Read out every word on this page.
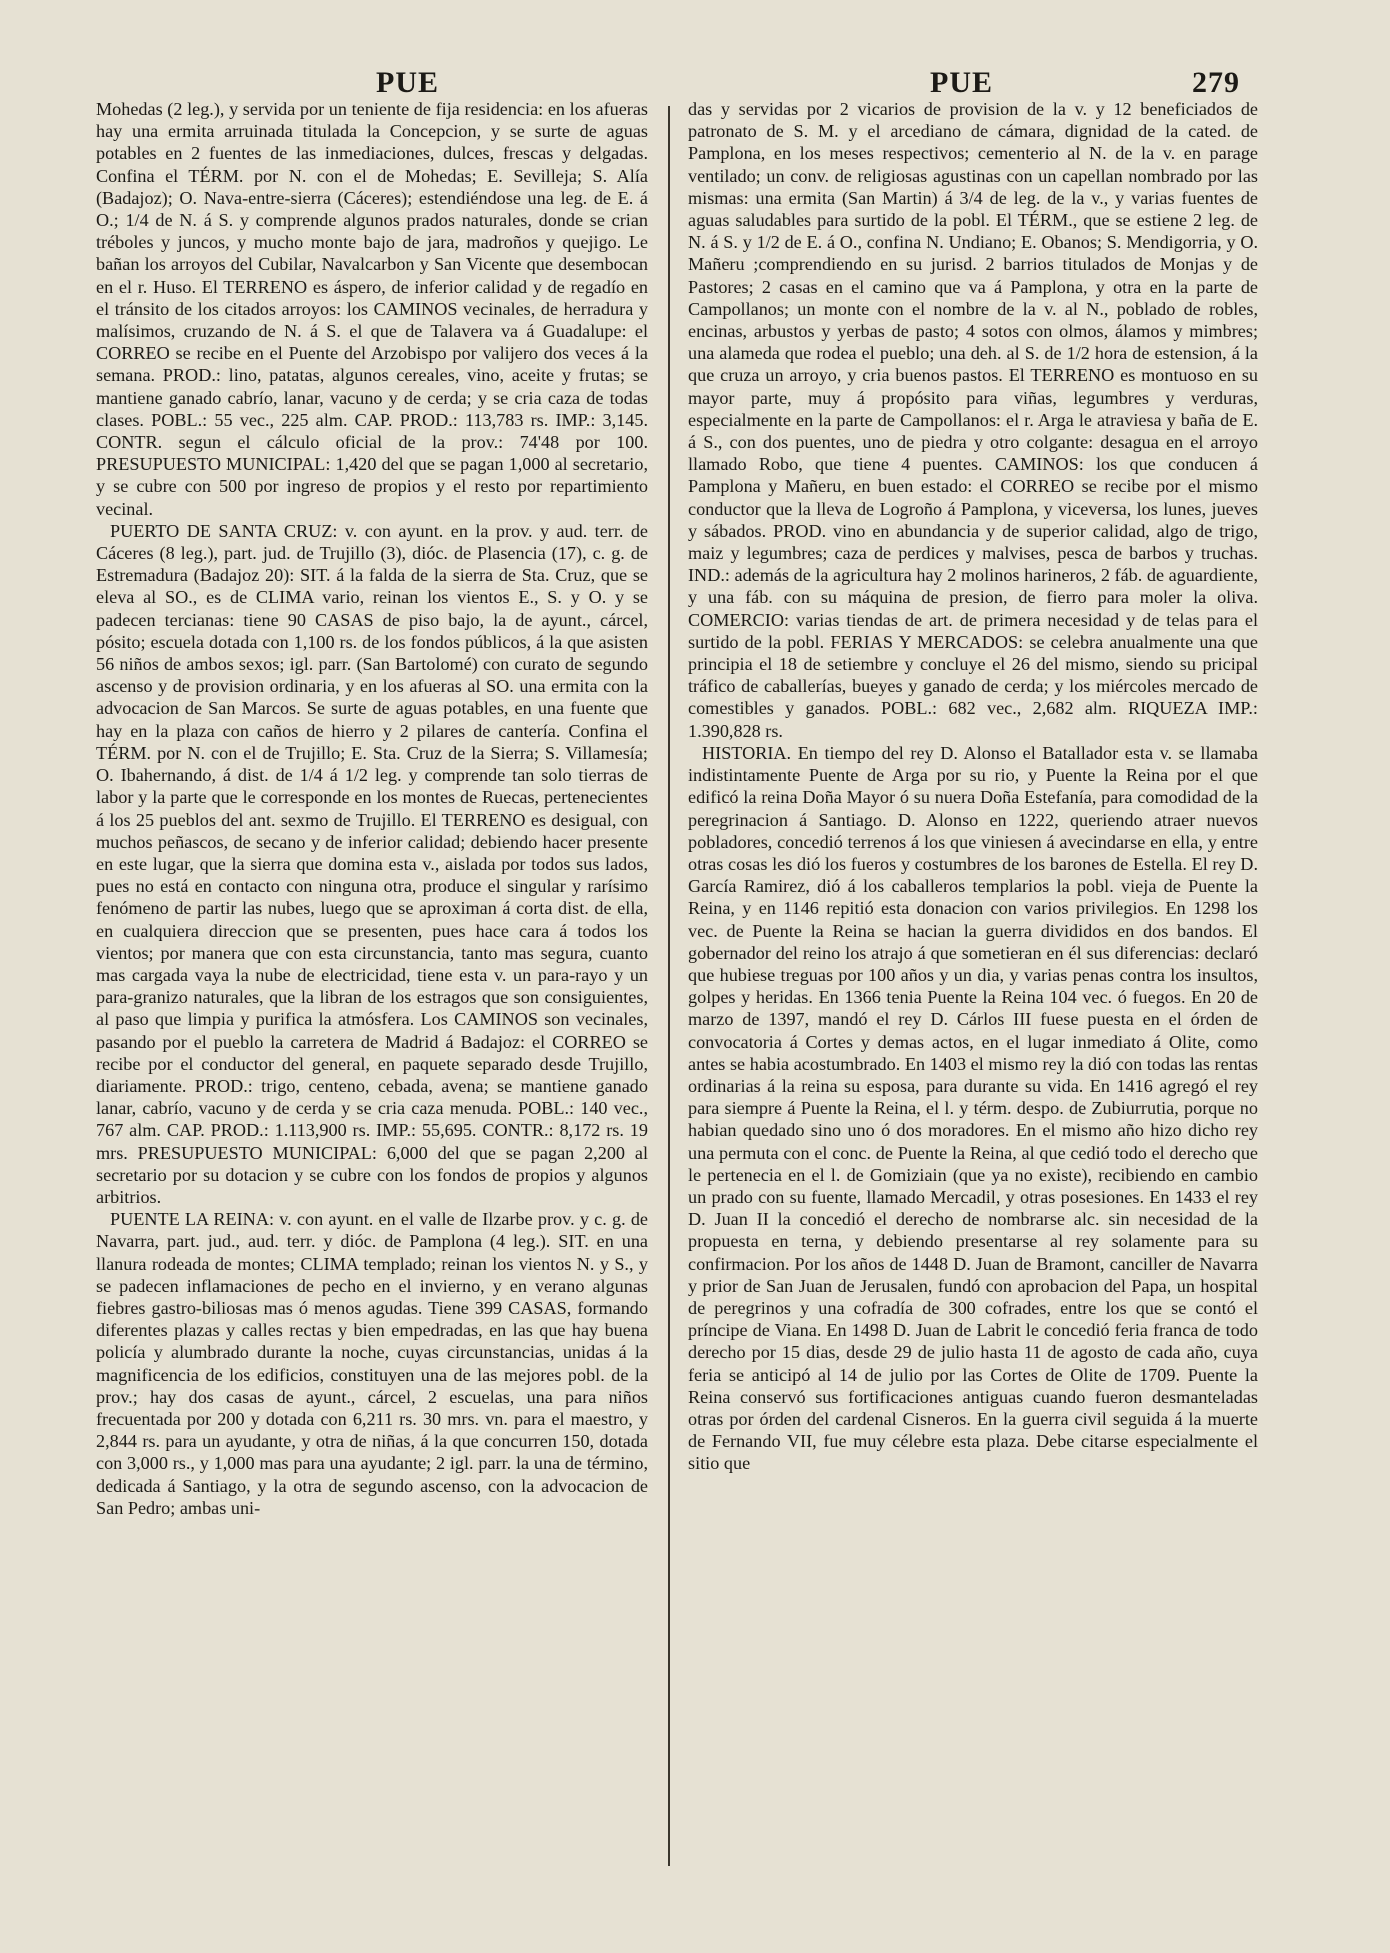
PUE	PUE	279

Mohedas (2 leg.), y servida por un teniente de fija residencia: en los afueras hay una ermita arruinada titulada la Concepcion, y se surte de aguas potables en 2 fuentes de las inmediaciones, dulces, frescas y delgadas. Confina el TÉRM. por N. con el de Mohedas; E. Sevilleja; S. Alía (Badajoz); O. Nava-entre-sierra (Cáceres); estendiéndose una leg. de E. á O.; 1/4 de N. á S. y comprende algunos prados naturales, donde se crian tréboles y juncos, y mucho monte bajo de jara, madroños y quejigo. Le bañan los arroyos del Cubilar, Navalcarbon y San Vicente que desembocan en el r. Huso. El TERRENO es áspero, de inferior calidad y de regadío en el tránsito de los citados arroyos: los CAMINOS vecinales, de herradura y malísimos, cruzando de N. á S. el que de Talavera va á Guadalupe: el CORREO se recibe en el Puente del Arzobispo por valijero dos veces á la semana. PROD.: lino, patatas, algunos cereales, vino, aceite y frutas; se mantiene ganado cabrío, lanar, vacuno y de cerda; y se cria caza de todas clases. POBL.: 55 vec., 225 alm. CAP. PROD.: 113,783 rs. IMP.: 3,145. CONTR. segun el cálculo oficial de la prov.: 74'48 por 100. PRESUPUESTO MUNICIPAL: 1,420 del que se pagan 1,000 al secretario, y se cubre con 500 por ingreso de propios y el resto por repartimiento vecinal.

PUERTO DE SANTA CRUZ: v. con ayunt. en la prov. y aud. terr. de Cáceres (8 leg.), part. jud. de Trujillo (3), dióc. de Plasencia (17), c. g. de Estremadura (Badajoz 20): SIT. á la falda de la sierra de Sta. Cruz, que se eleva al SO., es de CLIMA vario, reinan los vientos E., S. y O. y se padecen tercianas: tiene 90 CASAS de piso bajo, la de ayunt., cárcel, pósito; escuela dotada con 1,100 rs. de los fondos públicos, á la que asisten 56 niños de ambos sexos; igl. parr. (San Bartolomé) con curato de segundo ascenso y de provision ordinaria, y en los afueras al SO. una ermita con la advocacion de San Marcos. Se surte de aguas potables, en una fuente que hay en la plaza con caños de hierro y 2 pilares de cantería. Confina el TÉRM. por N. con el de Trujillo; E. Sta. Cruz de la Sierra; S. Villamesía; O. Ibahernando, á dist. de 1/4 á 1/2 leg. y comprende tan solo tierras de labor y la parte que le corresponde en los montes de Ruecas, pertenecientes á los 25 pueblos del ant. sexmo de Trujillo. El TERRENO es desigual, con muchos peñascos, de secano y de inferior calidad; debiendo hacer presente en este lugar, que la sierra que domina esta v., aislada por todos sus lados, pues no está en contacto con ninguna otra, produce el singular y rarísimo fenómeno de partir las nubes, luego que se aproximan á corta dist. de ella, en cualquiera direccion que se presenten, pues hace cara á todos los vientos; por manera que con esta circunstancia, tanto mas segura, cuanto mas cargada vaya la nube de electricidad, tiene esta v. un para-rayo y un para-granizo naturales, que la libran de los estragos que son consiguientes, al paso que limpia y purifica la atmósfera. Los CAMINOS son vecinales, pasando por el pueblo la carretera de Madrid á Badajoz: el CORREO se recibe por el conductor del general, en paquete separado desde Trujillo, diariamente. PROD.: trigo, centeno, cebada, avena; se mantiene ganado lanar, cabrío, vacuno y de cerda y se cria caza menuda. POBL.: 140 vec., 767 alm. CAP. PROD.: 1.113,900 rs. IMP.: 55,695. CONTR.: 8,172 rs. 19 mrs. PRESUPUESTO MUNICIPAL: 6,000 del que se pagan 2,200 al secretario por su dotacion y se cubre con los fondos de propios y algunos arbitrios.

PUENTE LA REINA: v. con ayunt. en el valle de Ilzarbe prov. y c. g. de Navarra, part. jud., aud. terr. y dióc. de Pamplona (4 leg.). SIT. en una llanura rodeada de montes; CLIMA templado; reinan los vientos N. y S., y se padecen inflamaciones de pecho en el invierno, y en verano algunas fiebres gastro-biliosas mas ó menos agudas. Tiene 399 CASAS, formando diferentes plazas y calles rectas y bien empedradas, en las que hay buena policía y alumbrado durante la noche, cuyas circunstancias, unidas á la magnificencia de los edificios, constituyen una de las mejores pobl. de la prov.; hay dos casas de ayunt., cárcel, 2 escuelas, una para niños frecuentada por 200 y dotada con 6,211 rs. 30 mrs. vn. para el maestro, y 2,844 rs. para un ayudante, y otra de niñas, á la que concurren 150, dotada con 3,000 rs., y 1,000 mas para una ayudante; 2 igl. parr. la una de término, dedicada á Santiago, y la otra de segundo ascenso, con la advocacion de San Pedro; ambas uni-

das y servidas por 2 vicarios de provision de la v. y 12 beneficiados de patronato de S. M. y el arcediano de cámara, dignidad de la cated. de Pamplona, en los meses respectivos; cementerio al N. de la v. en parage ventilado; un conv. de religiosas agustinas con un capellan nombrado por las mismas: una ermita (San Martin) á 3/4 de leg. de la v., y varias fuentes de aguas saludables para surtido de la pobl. El TÉRM., que se estiene 2 leg. de N. á S. y 1/2 de E. á O., confina N. Undiano; E. Obanos; S. Mendigorria, y O. Mañeru ;comprendiendo en su jurisd. 2 barrios titulados de Monjas y de Pastores; 2 casas en el camino que va á Pamplona, y otra en la parte de Campollanos; un monte con el nombre de la v. al N., poblado de robles, encinas, arbustos y yerbas de pasto; 4 sotos con olmos, álamos y mimbres; una alameda que rodea el pueblo; una deh. al S. de 1/2 hora de estension, á la que cruza un arroyo, y cria buenos pastos. El TERRENO es montuoso en su mayor parte, muy á propósito para viñas, legumbres y verduras, especialmente en la parte de Campollanos: el r. Arga le atraviesa y baña de E. á S., con dos puentes, uno de piedra y otro colgante: desagua en el arroyo llamado Robo, que tiene 4 puentes. CAMINOS: los que conducen á Pamplona y Mañeru, en buen estado: el CORREO se recibe por el mismo conductor que la lleva de Logroño á Pamplona, y viceversa, los lunes, jueves y sábados. PROD. vino en abundancia y de superior calidad, algo de trigo, maiz y legumbres; caza de perdices y malvises, pesca de barbos y truchas. IND.: además de la agricultura hay 2 molinos harineros, 2 fáb. de aguardiente, y una fáb. con su máquina de presion, de fierro para moler la oliva. COMERCIO: varias tiendas de art. de primera necesidad y de telas para el surtido de la pobl. FERIAS Y MERCADOS: se celebra anualmente una que principia el 18 de setiembre y concluye el 26 del mismo, siendo su pricipal tráfico de caballerías, bueyes y ganado de cerda; y los miércoles mercado de comestibles y ganados. POBL.: 682 vec., 2,682 alm. RIQUEZA IMP.: 1.390,828 rs.

HISTORIA. En tiempo del rey D. Alonso el Batallador esta v. se llamaba indistintamente Puente de Arga por su rio, y Puente la Reina por el que edificó la reina Doña Mayor ó su nuera Doña Estefanía, para comodidad de la peregrinacion á Santiago. D. Alonso en 1222, queriendo atraer nuevos pobladores, concedió terrenos á los que viniesen á avecindarse en ella, y entre otras cosas les dió los fueros y costumbres de los barones de Estella. El rey D. García Ramirez, dió á los caballeros templarios la pobl. vieja de Puente la Reina, y en 1146 repitió esta donacion con varios privilegios. En 1298 los vec. de Puente la Reina se hacian la guerra divididos en dos bandos. El gobernador del reino los atrajo á que sometieran en él sus diferencias: declaró que hubiese treguas por 100 años y un dia, y varias penas contra los insultos, golpes y heridas. En 1366 tenia Puente la Reina 104 vec. ó fuegos. En 20 de marzo de 1397, mandó el rey D. Cárlos III fuese puesta en el órden de convocatoria á Cortes y demas actos, en el lugar inmediato á Olite, como antes se habia acostumbrado. En 1403 el mismo rey la dió con todas las rentas ordinarias á la reina su esposa, para durante su vida. En 1416 agregó el rey para siempre á Puente la Reina, el l. y térm. despo. de Zubiurrutia, porque no habian quedado sino uno ó dos moradores. En el mismo año hizo dicho rey una permuta con el conc. de Puente la Reina, al que cedió todo el derecho que le pertenecia en el l. de Gomiziain (que ya no existe), recibiendo en cambio un prado con su fuente, llamado Mercadil, y otras posesiones. En 1433 el rey D. Juan II la concedió el derecho de nombrarse alc. sin necesidad de la propuesta en terna, y debiendo presentarse al rey solamente para su confirmacion. Por los años de 1448 D. Juan de Bramont, canciller de Navarra y prior de San Juan de Jerusalen, fundó con aprobacion del Papa, un hospital de peregrinos y una cofradía de 300 cofrades, entre los que se contó el príncipe de Viana. En 1498 D. Juan de Labrit le concedió feria franca de todo derecho por 15 dias, desde 29 de julio hasta 11 de agosto de cada año, cuya feria se anticipó al 14 de julio por las Cortes de Olite de 1709. Puente la Reina conservó sus fortificaciones antiguas cuando fueron desmanteladas otras por órden del cardenal Cisneros. En la guerra civil seguida á la muerte de Fernando VII, fue muy célebre esta plaza. Debe citarse especialmente el sitio que
